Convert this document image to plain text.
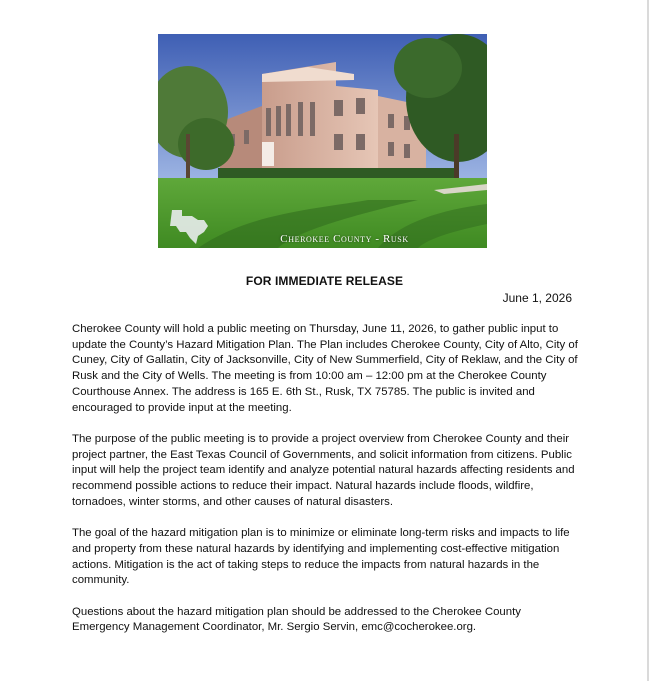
Cherokee County - Rusk
FOR IMMEDIATE RELEASE
June 1, 2026

Cherokee County will hold a public meeting on Thursday, June 11, 2026, to gather public input to update the County’s Hazard Mitigation Plan. The Plan includes Cherokee County, City of Alto, City of Cuney, City of Gallatin, City of Jacksonville, City of New Summerfield, City of Reklaw, and the City of Rusk and the City of Wells. The meeting is from 10:00 am – 12:00 pm at the Cherokee County Courthouse Annex. The address is 165 E. 6th St., Rusk, TX 75785. The public is invited and encouraged to provide input at the meeting.

The purpose of the public meeting is to provide a project overview from Cherokee County and their project partner, the East Texas Council of Governments, and solicit information from citizens. Public input will help the project team identify and analyze potential natural hazards affecting residents and recommend possible actions to reduce their impact. Natural hazards include floods, wildfire, tornadoes, winter storms, and other causes of natural disasters.

The goal of the hazard mitigation plan is to minimize or eliminate long-term risks and impacts to life and property from these natural hazards by identifying and implementing cost-effective mitigation actions. Mitigation is the act of taking steps to reduce the impacts from natural hazards in the community.

Questions about the hazard mitigation plan should be addressed to the Cherokee County Emergency Management Coordinator, Mr. Sergio Servin, emc@cocherokee.org.
